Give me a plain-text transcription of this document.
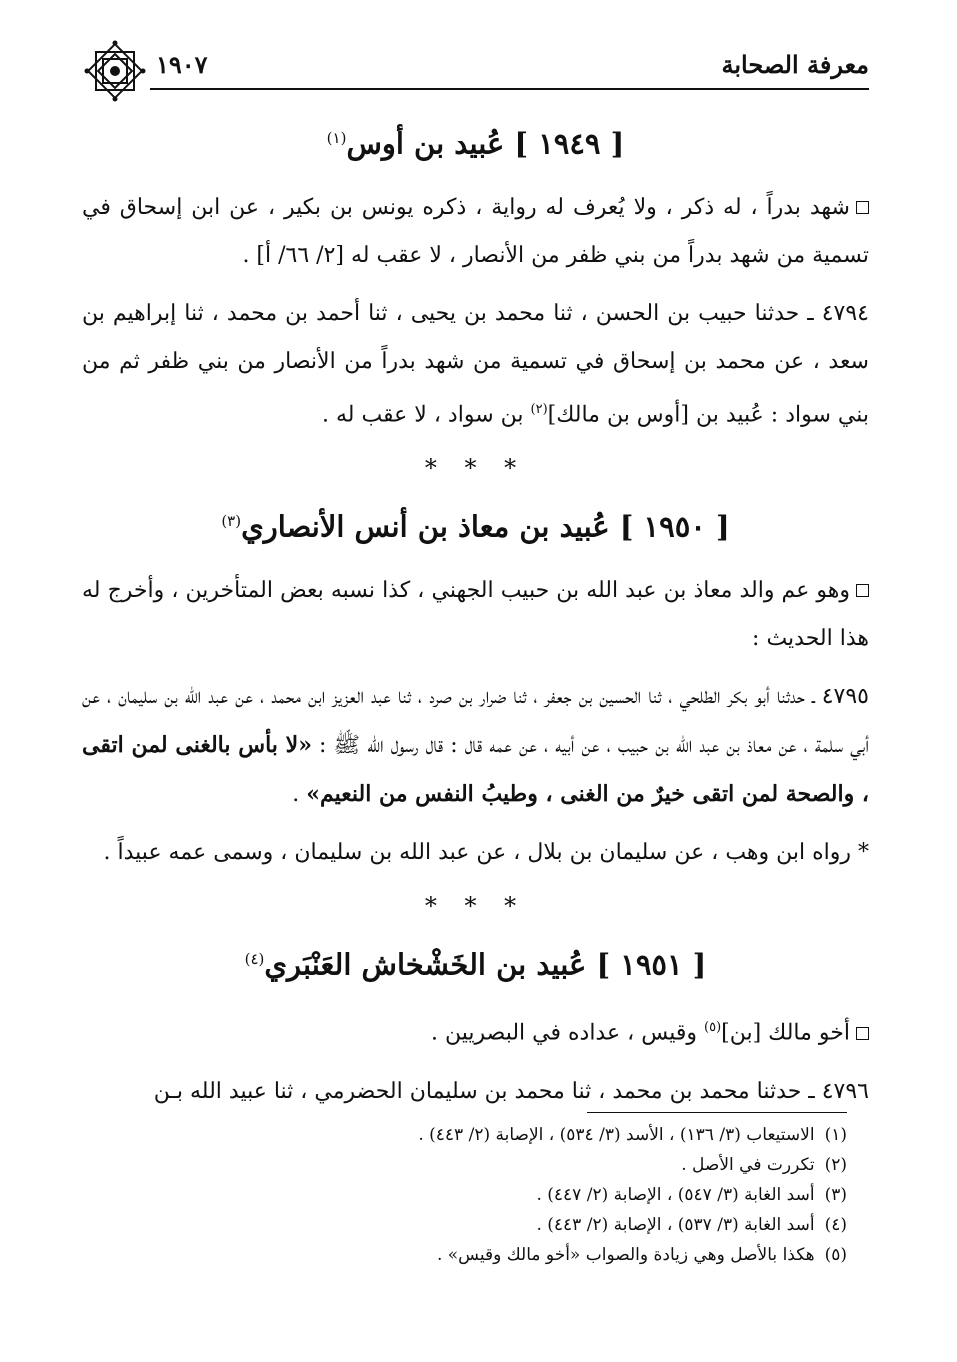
معرفة الصحابة
١٩٠٧
[ ١٩٤٩ ] عُبيد بن أوس$^{(١)}$

شهد بدراً ، له ذكر ، ولا يُعرف له رواية ، ذكره يونس بن بكير ، عن ابن إسحاق في تسمية من شهد بدراً من بني ظفر من الأنصار ، لا عقب له [٢/ ٦٦/ أ] .

٤٧٩٤ ـ حدثنا حبيب بن الحسن ، ثنا محمد بن يحيى ، ثنا أحمد بن محمد ، ثنا إبراهيم بن سعد ، عن محمد بن إسحاق في تسمية من شهد بدراً من الأنصار من بني ظفر ثم من بني سواد : عُبيد بن [أوس بن مالك]$^{(٢)}$ بن سواد ، لا عقب له .

* * *
[ ١٩٥٠ ] عُبيد بن معاذ بن أنس الأنصاري$^{(٣)}$

وهو عم والد معاذ بن عبد الله بن حبيب الجهني ، كذا نسبه بعض المتأخرين ، وأخرج له هذا الحديث :

٤٧٩٥ ـ حدثنا أبو بكر الطلحي ، ثنا الحسين بن جعفر ، ثنا ضرار بن صرد ، ثنا عبد العزيز ابن محمد ، عن عبد الله بن سليمان ، عن أبي سلمة ، عن معاذ بن عبد الله بن حبيب ، عن أبيه ، عن عمه قال : قال رسول الله ﷺ : «لا بأس بالغنى لمن اتقى ، والصحة لمن اتقى خيرٌ من الغنى ، وطيبُ النفس من النعيم» .

* رواه ابن وهب ، عن سليمان بن بلال ، عن عبد الله بن سليمان ، وسمى عمه عبيداً .

* * *
[ ١٩٥١ ] عُبيد بن الخَشْخاش العَنْبَري$^{(٤)}$

أخو مالك [بن]$^{(٥)}$ وقيس ، عداده في البصريين .

٤٧٩٦ ـ حدثنا محمد بن محمد ، ثنا محمد بن سليمان الحضرمي ، ثنا عبيد الله بـن

(١)الاستيعاب (٣/ ١٣٦) ، الأسد (٣/ ٥٣٤) ، الإصابة (٢/ ٤٤٣) .

(٢)تكررت في الأصل .

(٣)أسد الغابة (٣/ ٥٤٧) ، الإصابة (٢/ ٤٤٧) .

(٤)أسد الغابة (٣/ ٥٣٧) ، الإصابة (٢/ ٤٤٣) .

(٥)هكذا بالأصل وهي زيادة والصواب «أخو مالك وقيس» .
